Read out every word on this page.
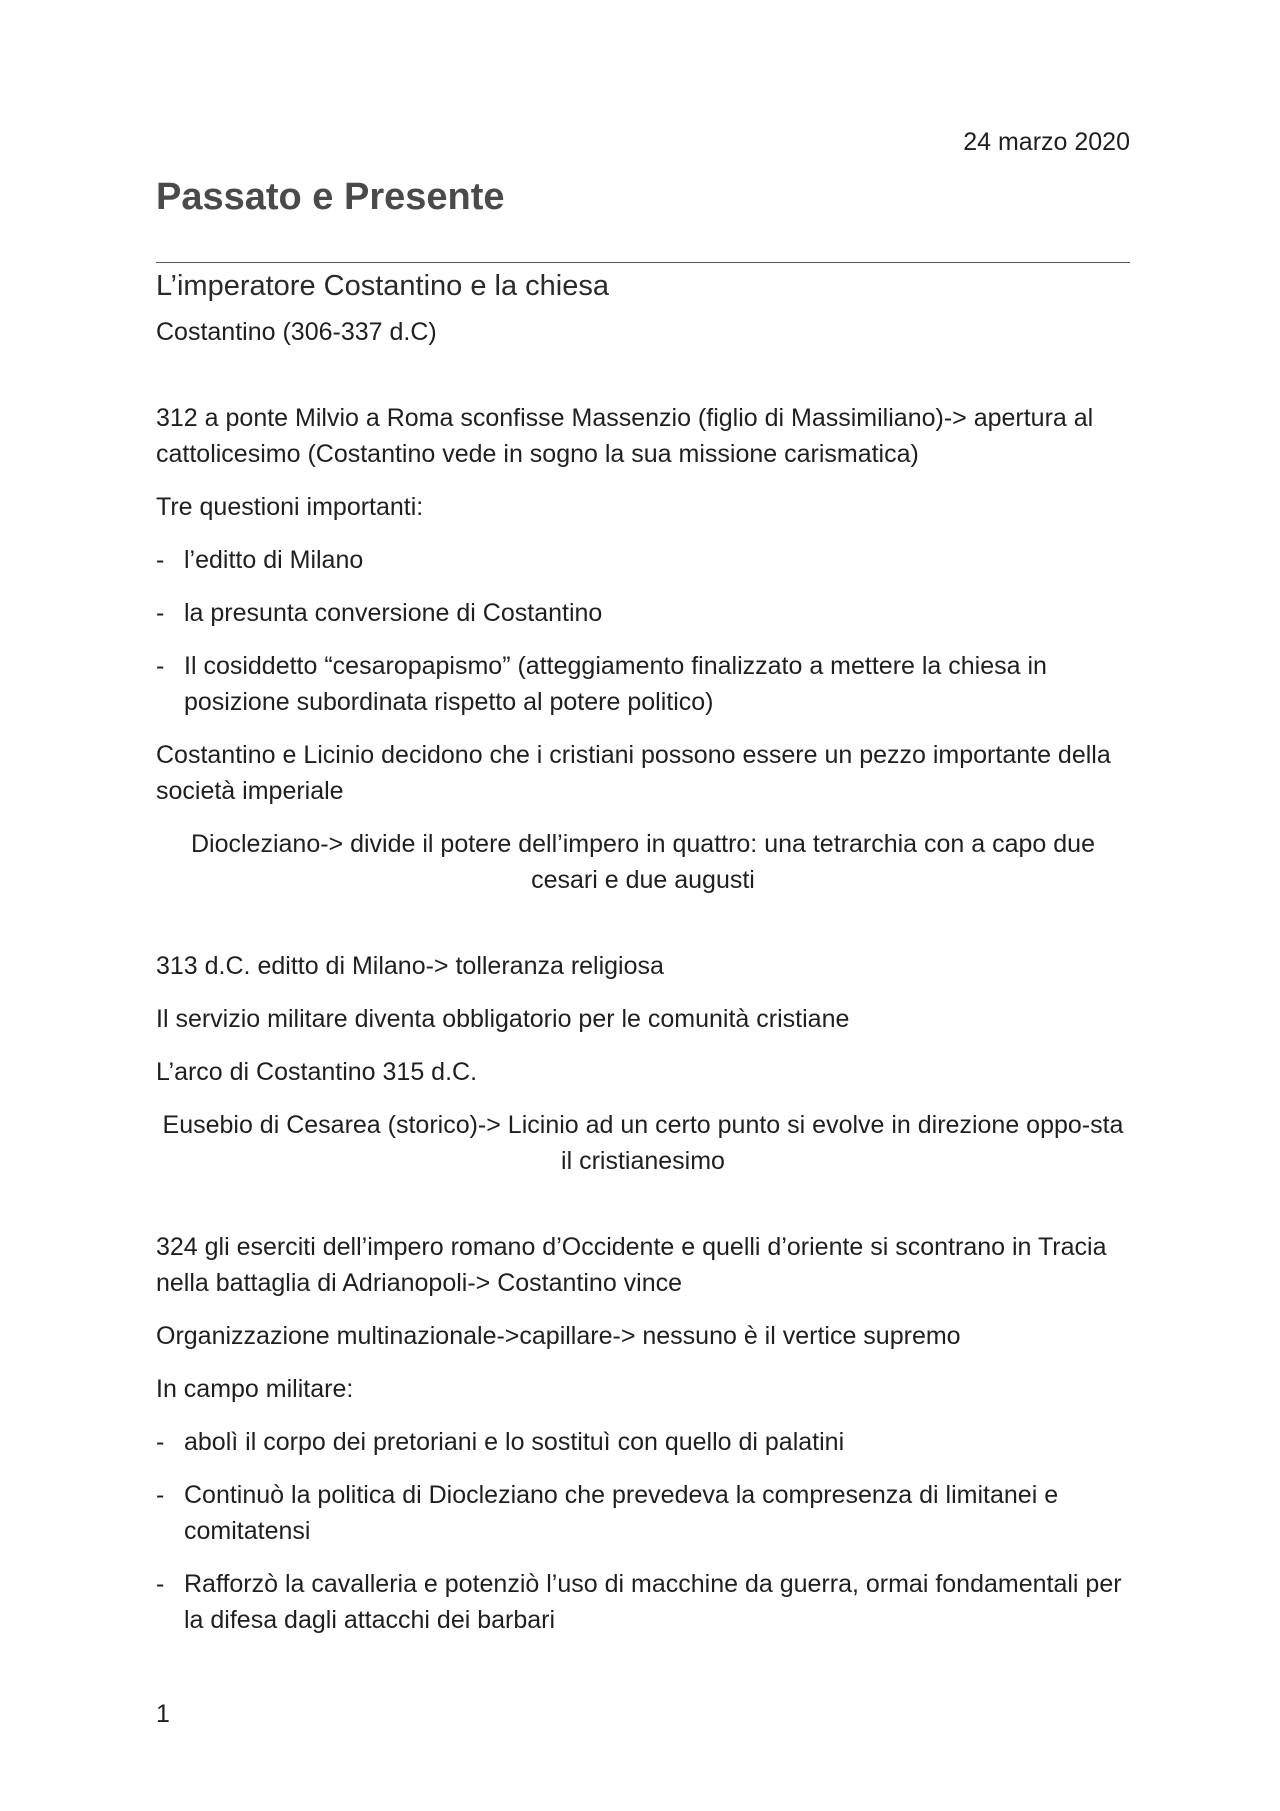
24 marzo 2020
Passato e Presente

L’imperatore Costantino e la chiesa

Costantino (306-337 d.C)

312 a ponte Milvio a Roma sconfisse Massenzio (figlio di Massimiliano)-> apertura al cattolicesimo (Costantino vede in sogno la sua missione carismatica)

Tre questioni importanti:

- l’editto di Milano
- la presunta conversione di Costantino
- Il cosiddetto “cesaropapismo” (atteggiamento finalizzato a mettere la chiesa in posizione subordinata rispetto al potere politico)

Costantino e Licinio decidono che i cristiani possono essere un pezzo importante della società imperiale

Diocleziano-> divide il potere dell’impero in quattro: una tetrarchia con a capo due cesari e due augusti

313 d.C. editto di Milano-> tolleranza religiosa

Il servizio militare diventa obbligatorio per le comunità cristiane

L’arco di Costantino 315 d.C.

Eusebio di Cesarea (storico)-> Licinio ad un certo punto si evolve in direzione oppo-sta il cristianesimo

324 gli eserciti dell’impero romano d’Occidente e quelli d’oriente si scontrano in Tracia nella battaglia di Adrianopoli-> Costantino vince

Organizzazione multinazionale->capillare-> nessuno è il vertice supremo

In campo militare:

- abolì il corpo dei pretoriani e lo sostituì con quello di palatini
- Continuò la politica di Diocleziano che prevedeva la compresenza di limitanei e comitatensi
- Rafforzò la cavalleria e potenziò l’uso di macchine da guerra, ormai fondamentali per la difesa dagli attacchi dei barbari
1
